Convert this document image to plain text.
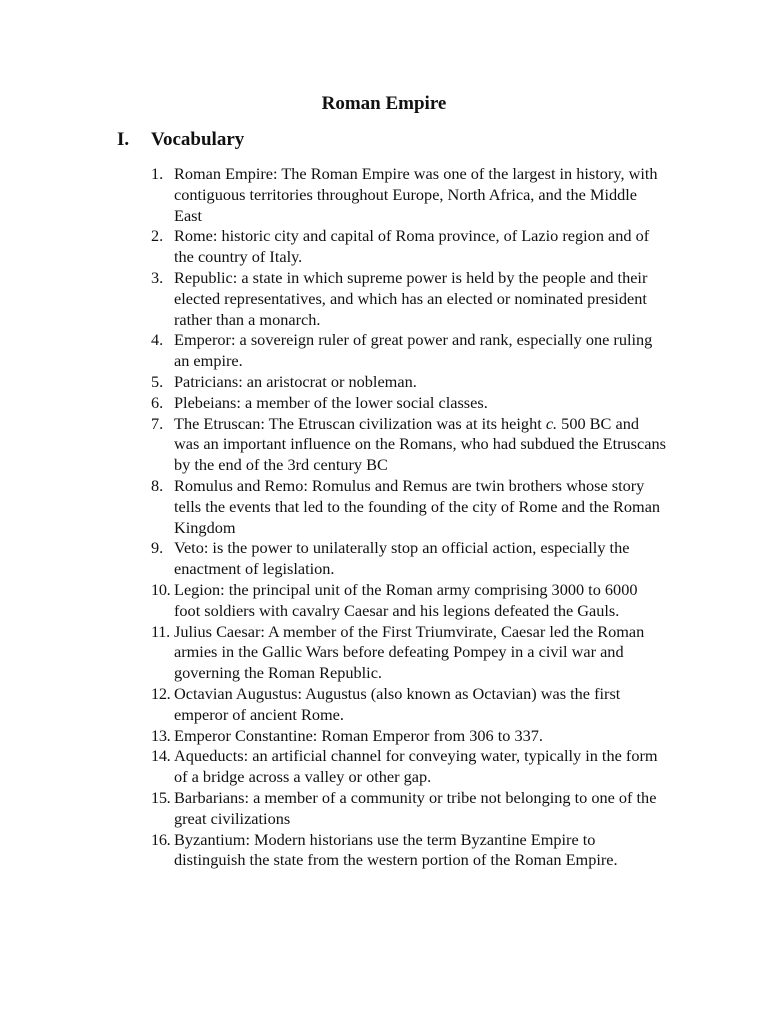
Roman Empire
I. Vocabulary
1. Roman Empire: The Roman Empire was one of the largest in history, with contiguous territories throughout Europe, North Africa, and the Middle East
2. Rome: historic city and capital of Roma province, of Lazio region and of the country of Italy.
3. Republic: a state in which supreme power is held by the people and their elected representatives, and which has an elected or nominated president rather than a monarch.
4. Emperor: a sovereign ruler of great power and rank, especially one ruling an empire.
5. Patricians: an aristocrat or nobleman.
6. Plebeians: a member of the lower social classes.
7. The Etruscan: The Etruscan civilization was at its height c. 500 BC and was an important influence on the Romans, who had subdued the Etruscans by the end of the 3rd century BC
8. Romulus and Remo: Romulus and Remus are twin brothers whose story tells the events that led to the founding of the city of Rome and the Roman Kingdom
9. Veto: is the power to unilaterally stop an official action, especially the enactment of legislation.
10. Legion: the principal unit of the Roman army comprising 3000 to 6000 foot soldiers with cavalry Caesar and his legions defeated the Gauls.
11. Julius Caesar: A member of the First Triumvirate, Caesar led the Roman armies in the Gallic Wars before defeating Pompey in a civil war and governing the Roman Republic.
12. Octavian Augustus: Augustus (also known as Octavian) was the first emperor of ancient Rome.
13. Emperor Constantine: Roman Emperor from 306 to 337.
14. Aqueducts: an artificial channel for conveying water, typically in the form of a bridge across a valley or other gap.
15. Barbarians: a member of a community or tribe not belonging to one of the great civilizations
16. Byzantium: Modern historians use the term Byzantine Empire to distinguish the state from the western portion of the Roman Empire.
